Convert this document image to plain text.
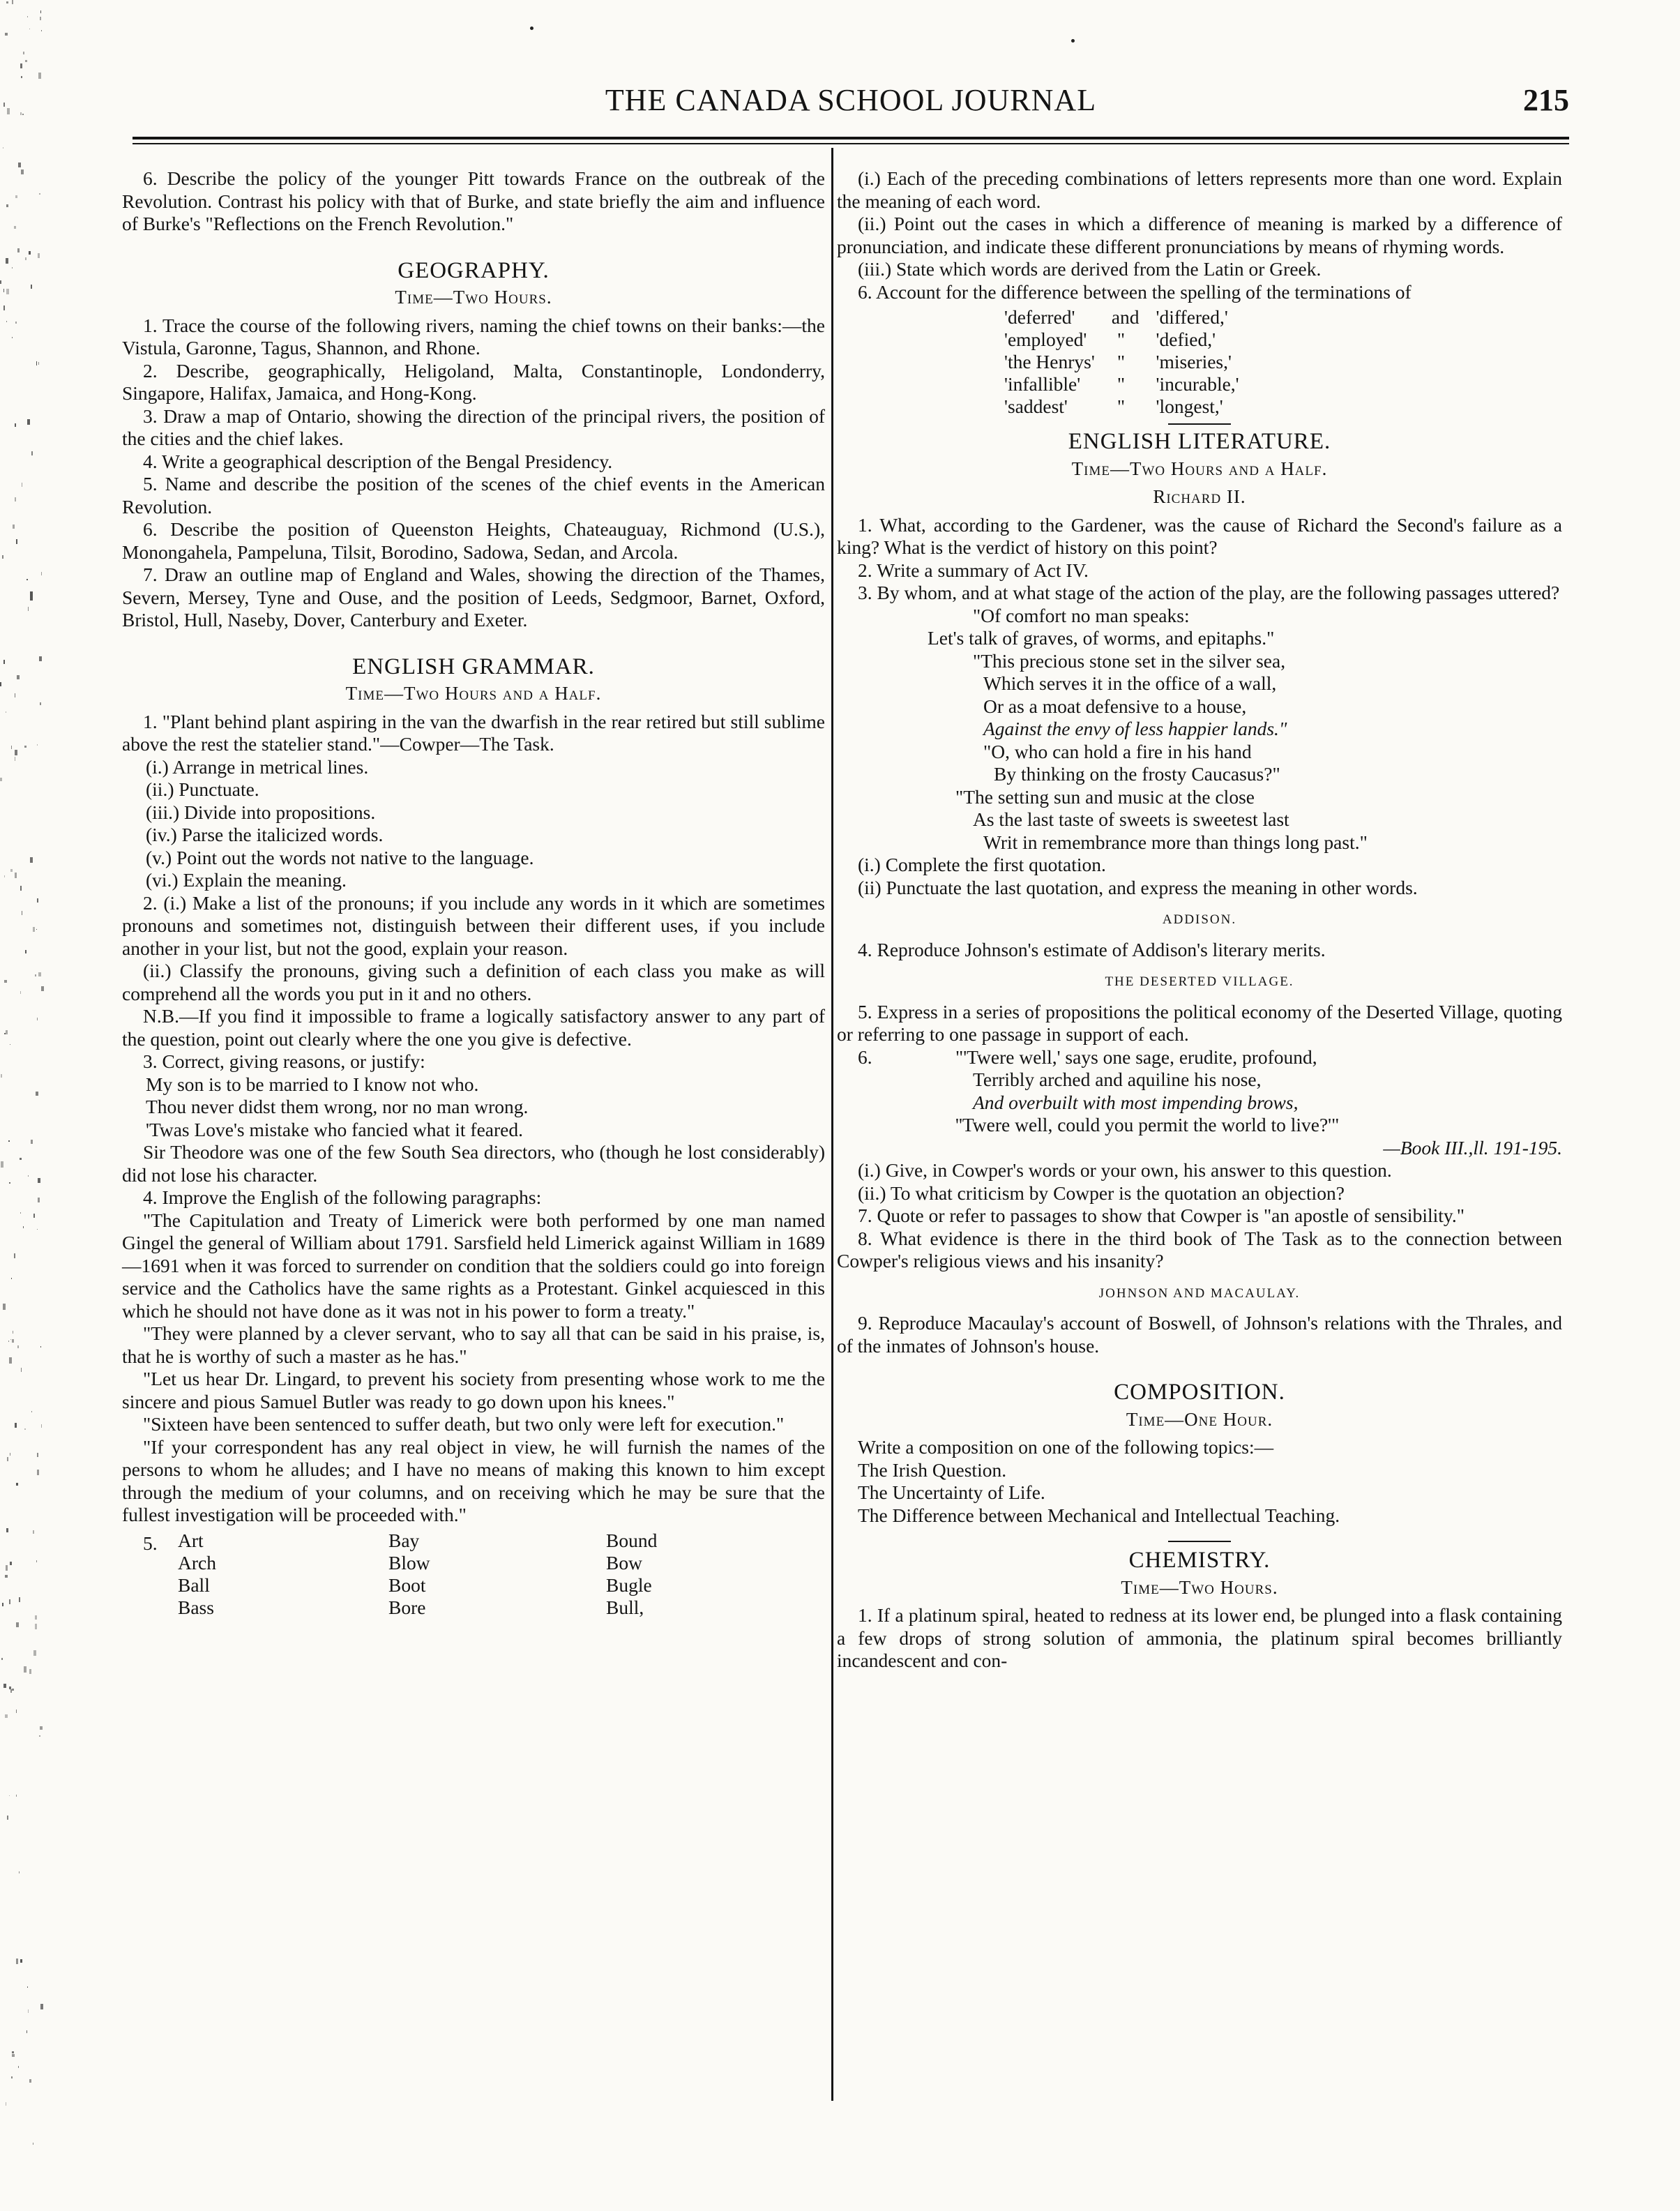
THE CANADA SCHOOL JOURNAL	215

6. Describe the policy of the younger Pitt towards France on the outbreak of the Revolution. Contrast his policy with that of Burke, and state briefly the aim and influence of Burke's "Reflections on the French Revolution."

GEOGRAPHY.
Time—Two Hours.

1. Trace the course of the following rivers, naming the chief towns on their banks:—the Vistula, Garonne, Tagus, Shannon, and Rhone.

2. Describe, geographically, Heligoland, Malta, Constantinople, Londonderry, Singapore, Halifax, Jamaica, and Hong-Kong.

3. Draw a map of Ontario, showing the direction of the principal rivers, the position of the cities and the chief lakes.

4. Write a geographical description of the Bengal Presidency.

5. Name and describe the position of the scenes of the chief events in the American Revolution.

6. Describe the position of Queenston Heights, Chateauguay, Richmond (U.S.), Monongahela, Pampeluna, Tilsit, Borodino, Sadowa, Sedan, and Arcola.

7. Draw an outline map of England and Wales, showing the direction of the Thames, Severn, Mersey, Tyne and Ouse, and the position of Leeds, Sedgmoor, Barnet, Oxford, Bristol, Hull, Naseby, Dover, Canterbury and Exeter.

ENGLISH GRAMMAR.
Time—Two Hours and a Half.

1. "Plant behind plant aspiring in the van the dwarfish in the rear retired but still sublime above the rest the statelier stand."—Cowper—The Task.

(i.) Arrange in metrical lines.

(ii.) Punctuate.

(iii.) Divide into propositions.

(iv.) Parse the italicized words.

(v.) Point out the words not native to the language.

(vi.) Explain the meaning.

2. (i.) Make a list of the pronouns; if you include any words in it which are sometimes pronouns and sometimes not, distinguish between their different uses, if you include another in your list, but not the good, explain your reason.

(ii.) Classify the pronouns, giving such a definition of each class you make as will comprehend all the words you put in it and no others.

N.B.—If you find it impossible to frame a logically satisfactory answer to any part of the question, point out clearly where the one you give is defective.

3. Correct, giving reasons, or justify:

My son is to be married to I know not who.

Thou never didst them wrong, nor no man wrong.

'Twas Love's mistake who fancied what it feared.

Sir Theodore was one of the few South Sea directors, who (though he lost considerably) did not lose his character.

4. Improve the English of the following paragraphs:

"The Capitulation and Treaty of Limerick were both performed by one man named Gingel the general of William about 1791. Sarsfield held Limerick against William in 1689—1691 when it was forced to surrender on condition that the soldiers could go into foreign service and the Catholics have the same rights as a Protestant. Ginkel acquiesced in this which he should not have done as it was not in his power to form a treaty."

"They were planned by a clever servant, who to say all that can be said in his praise, is, that he is worthy of such a master as he has."

"Let us hear Dr. Lingard, to prevent his society from presenting whose work to me the sincere and pious Samuel Butler was ready to go down upon his knees."

"Sixteen have been sentenced to suffer death, but two only were left for execution."

"If your correspondent has any real object in view, he will furnish the names of the persons to whom he alludes; and I have no means of making this known to him except through the medium of your columns, and on receiving which he may be sure that the fullest investigation will be proceeded with."

5. Art	Bay	Bound
Arch	Blow	Bow
Ball	Boot	Bugle
Bass	Bore	Bull,

(i.) Each of the preceding combinations of letters represents more than one word. Explain the meaning of each word.

(ii.) Point out the cases in which a difference of meaning is marked by a difference of pronunciation, and indicate these different pronunciations by means of rhyming words.

(iii.) State which words are derived from the Latin or Greek.

6. Account for the difference between the spelling of the terminations of

'deferred'	and	'differed,'
'employed'	"	'defied,'
'the Henrys'	"	'miseries,'
'infallible'	"	'incurable,'
'saddest'	"	'longest,'
ENGLISH LITERATURE.
Time—Two Hours and a Half.
Richard II.

1. What, according to the Gardener, was the cause of Richard the Second's failure as a king? What is the verdict of history on this point?

2. Write a summary of Act IV.

3. By whom, and at what stage of the action of the play, are the following passages uttered?

"Of comfort no man speaks:

Let's talk of graves, of worms, and epitaphs."

"This precious stone set in the silver sea,

Which serves it in the office of a wall,

Or as a moat defensive to a house,

Against the envy of less happier lands."

"O, who can hold a fire in his hand

By thinking on the frosty Caucasus?"

"The setting sun and music at the close

As the last taste of sweets is sweetest last

Writ in remembrance more than things long past."

(i.) Complete the first quotation.

(ii) Punctuate the last quotation, and express the meaning in other words.

ADDISON.

4. Reproduce Johnson's estimate of Addison's literary merits.

THE DESERTED VILLAGE.

5. Express in a series of propositions the political economy of the Deserted Village, quoting or referring to one passage in support of each.

6.	"'Twere well,' says one sage, erudite, profound,

Terribly arched and aquiline his nose,

And overbuilt with most impending brows,

''Twere well, could you permit the world to live?'"

—Book III.,ll. 191-195.

(i.) Give, in Cowper's words or your own, his answer to this question.

(ii.) To what criticism by Cowper is the quotation an objection?

7. Quote or refer to passages to show that Cowper is "an apostle of sensibility."

8. What evidence is there in the third book of The Task as to the connection between Cowper's religious views and his insanity?

JOHNSON AND MACAULAY.

9. Reproduce Macaulay's account of Boswell, of Johnson's relations with the Thrales, and of the inmates of Johnson's house.

COMPOSITION.
Time—One Hour.

Write a composition on one of the following topics:—

The Irish Question.

The Uncertainty of Life.

The Difference between Mechanical and Intellectual Teaching.

CHEMISTRY.
Time—Two Hours.

1. If a platinum spiral, heated to redness at its lower end, be plunged into a flask containing a few drops of strong solution of ammonia, the platinum spiral becomes brilliantly incandescent and con-
